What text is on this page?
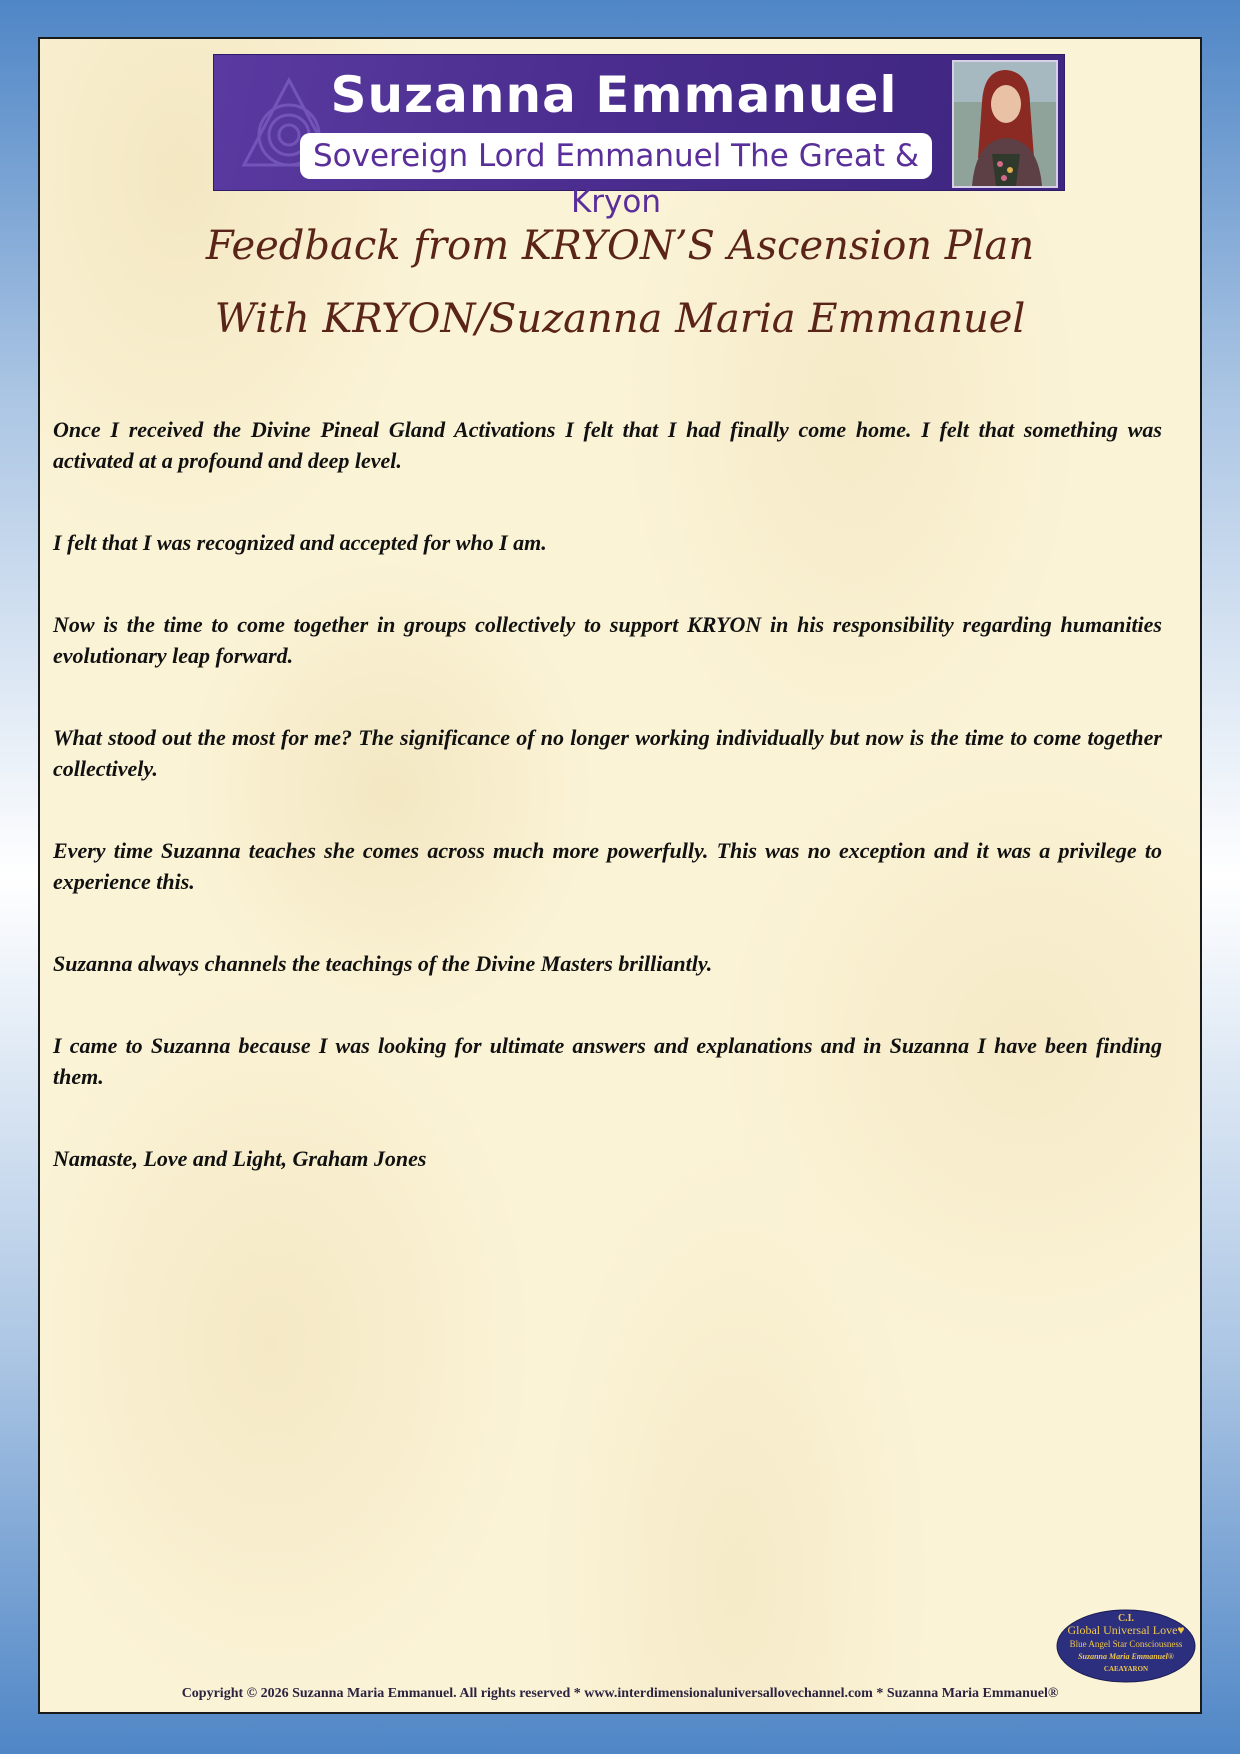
Suzanna Emmanuel
Sovereign Lord Emmanuel The Great & Kryon
Feedback from KRYON’S Ascension Plan
With KRYON/Suzanna Maria Emmanuel

Once I received the Divine Pineal Gland Activations I felt that I had finally come home. I felt that something was activated at a profound and deep level.

I felt that I was recognized and accepted for who I am.

Now is the time to come together in groups collectively to support KRYON in his responsibility regarding humanities evolutionary leap forward.

What stood out the most for me? The significance of no longer working individually but now is the time to come together collectively.

Every time Suzanna teaches she comes across much more powerfully. This was no exception and it was a privilege to experience this.

Suzanna always channels the teachings of the Divine Masters brilliantly.

I came to Suzanna because I was looking for ultimate answers and explanations and in Suzanna I have been finding them.

Namaste, Love and Light, Graham Jones

C.I.
Global Universal Love♥
Blue Angel Star Consciousness
Suzanna Maria Emmanuel®
CAEAYARON
Copyright © 2026 Suzanna Maria Emmanuel. All rights reserved * www.interdimensionaluniversallovechannel.com * Suzanna Maria Emmanuel®
